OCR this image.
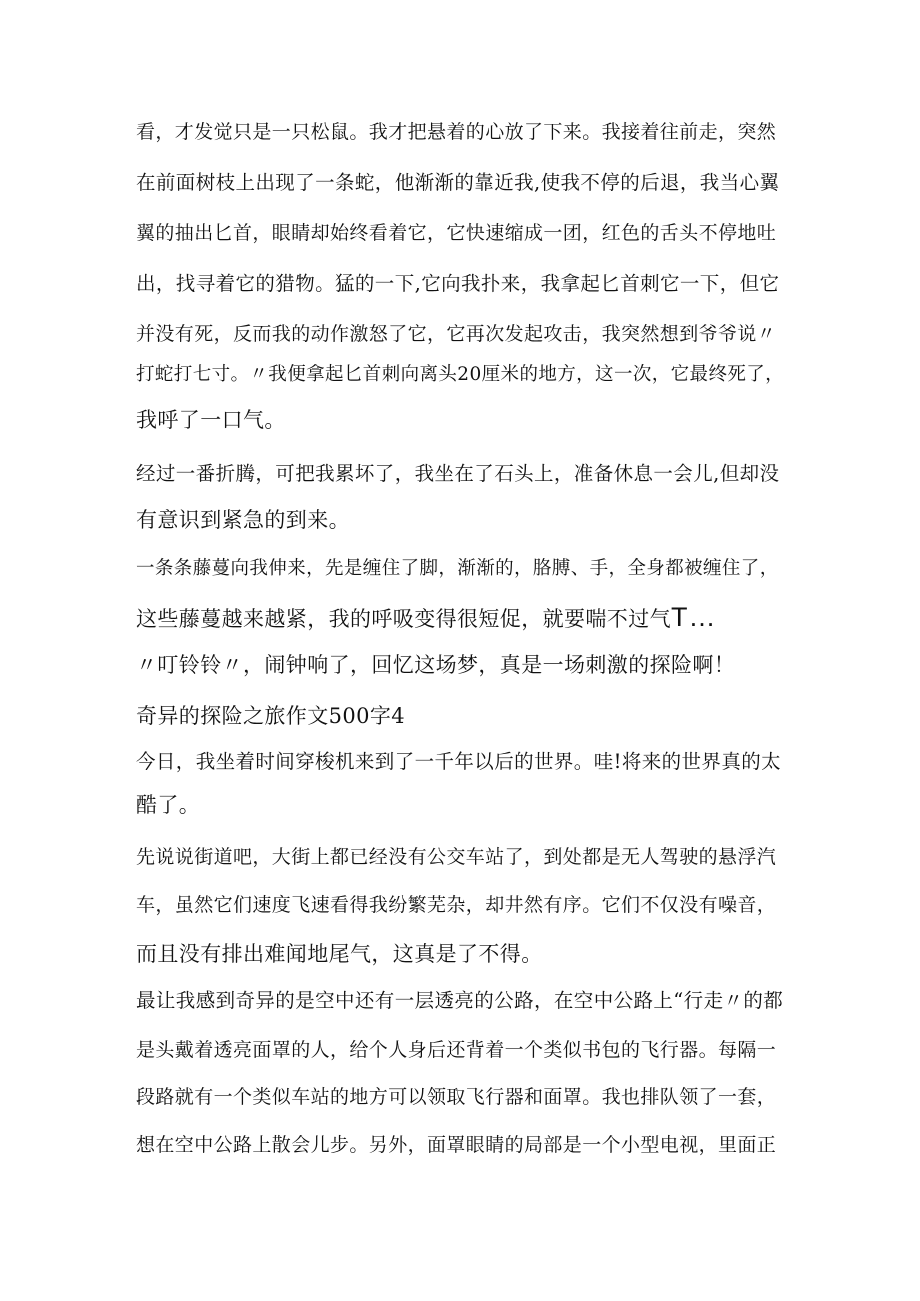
看，才发觉只是一只松鼠。我才把悬着的心放了下来。我接着往前走，突然
在前面树枝上出现了一条蛇，他渐渐的靠近我,使我不停的后退，我当心翼
翼的抽出匕首，眼睛却始终看着它，它快速缩成一团，红色的舌头不停地吐
出，找寻着它的猎物。猛的一下,它向我扑来，我拿起匕首刺它一下，但它
并没有死，反而我的动作激怒了它，它再次发起攻击，我突然想到爷爷说〃
打蛇打七寸。〃我便拿起匕首刺向离头20厘米的地方，这一次，它最终死了，
我呼了一口气。
经过一番折腾，可把我累坏了，我坐在了石头上，准备休息一会儿,但却没
有意识到紧急的到来。
一条条藤蔓向我伸来，先是缠住了脚，渐渐的，胳膊、手，全身都被缠住了，
这些藤蔓越来越紧，我的呼吸变得很短促，就要喘不过气T…
〃叮铃铃〃，闹钟响了，回忆这场梦，真是一场刺激的探险啊！
奇异的探险之旅作文500字4
今日，我坐着时间穿梭机来到了一千年以后的世界。哇!将来的世界真的太
酷了。
先说说街道吧，大街上都已经没有公交车站了，到处都是无人驾驶的悬浮汽
车，虽然它们速度飞速看得我纷繁芜杂，却井然有序。它们不仅没有噪音，
而且没有排出难闻地尾气，这真是了不得。
最让我感到奇异的是空中还有一层透亮的公路，在空中公路上“行走〃的都
是头戴着透亮面罩的人，给个人身后还背着一个类似书包的飞行器。每隔一
段路就有一个类似车站的地方可以领取飞行器和面罩。我也排队领了一套，
想在空中公路上散会儿步。另外，面罩眼睛的局部是一个小型电视，里面正
